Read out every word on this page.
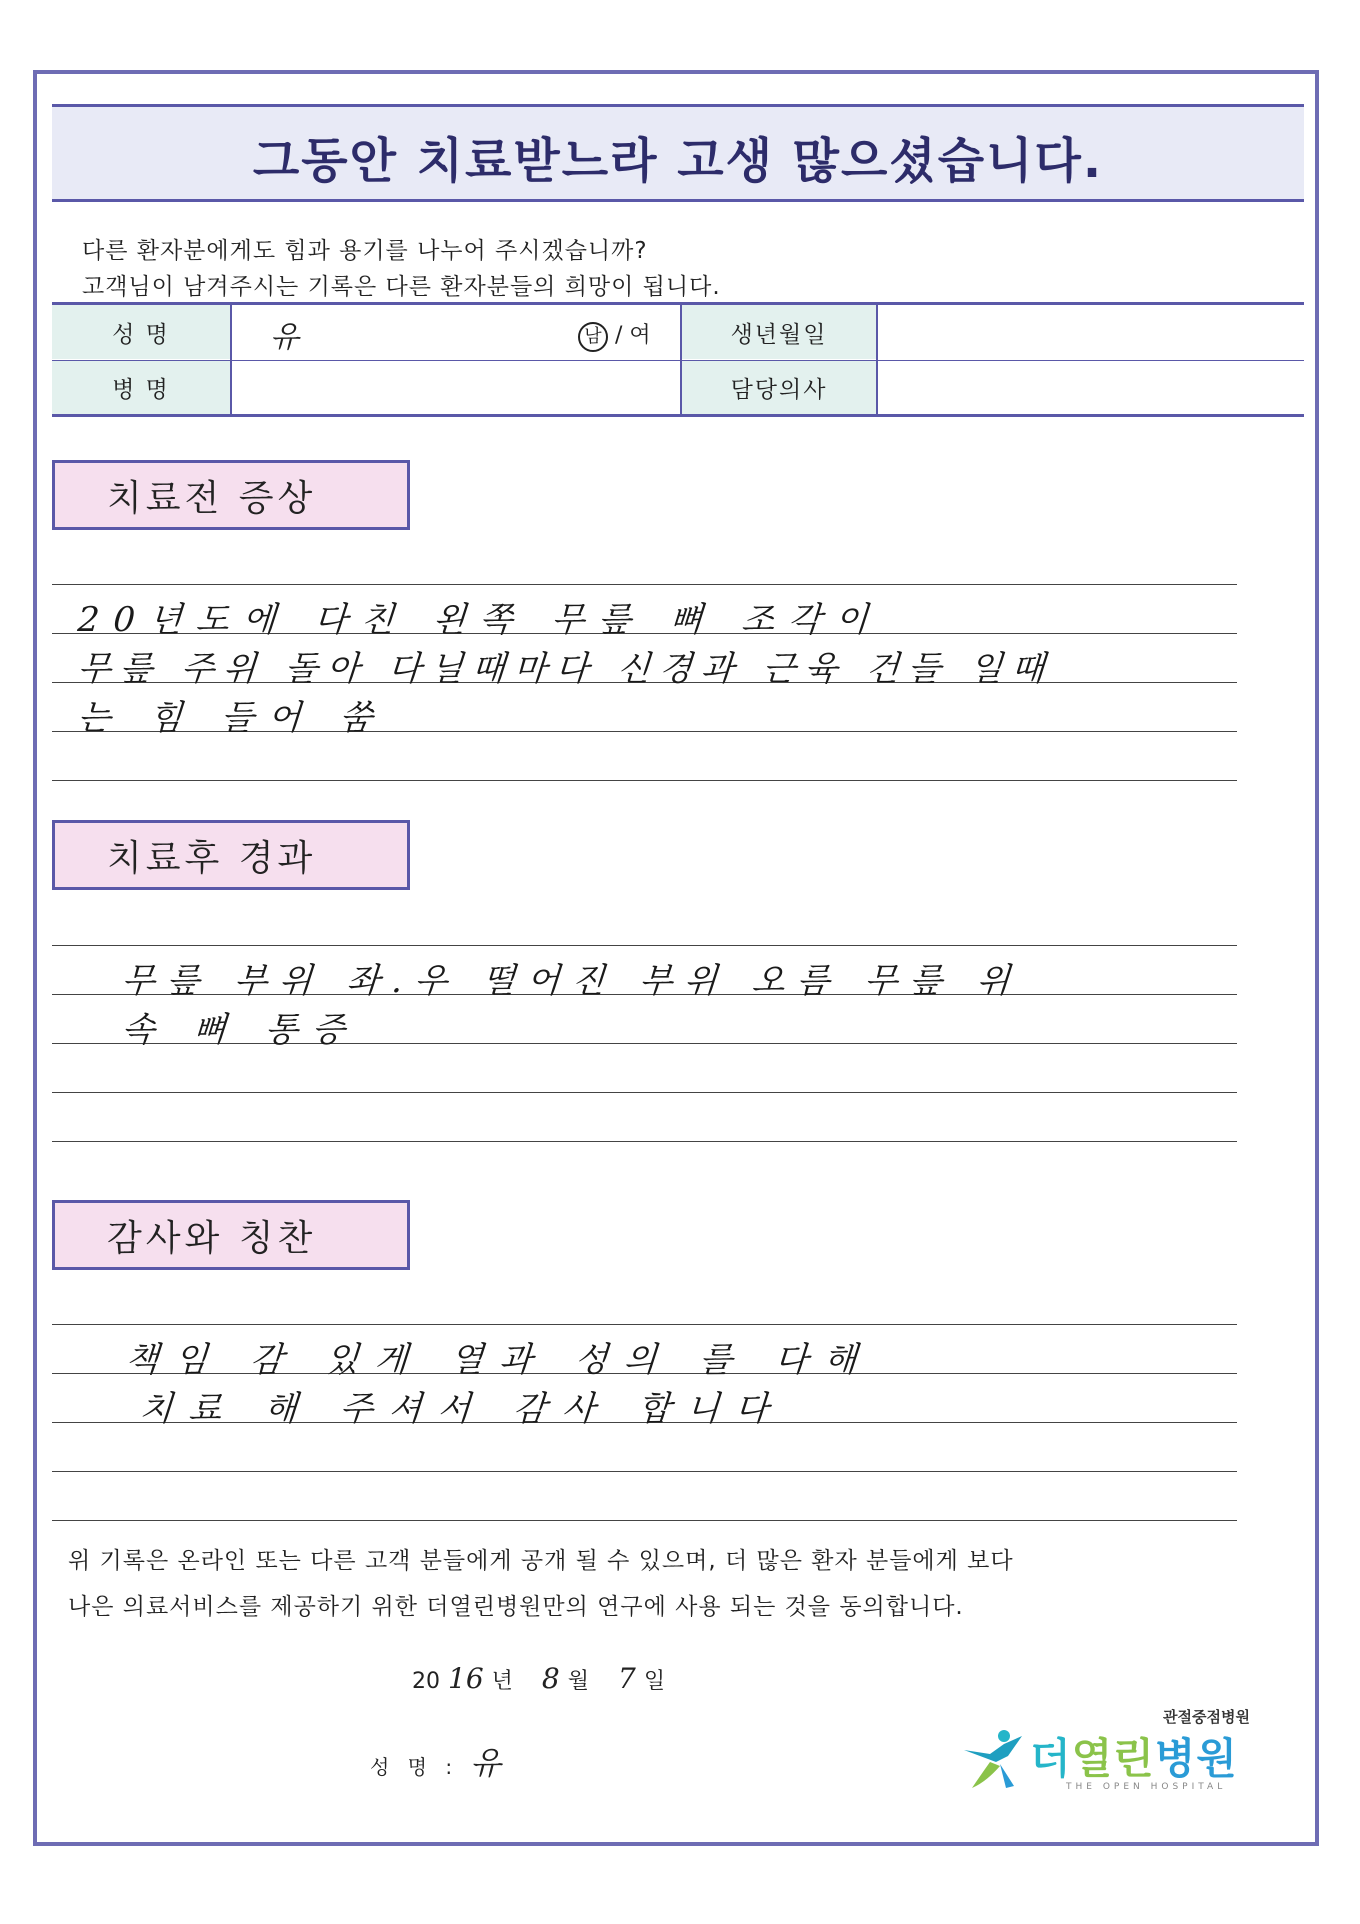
그동안 치료받느라 고생 많으셨습니다.
다른 환자분에게도 힘과 용기를 나누어 주시겠습니까?
고객님이 남겨주시는 기록은 다른 환자분들의 희망이 됩니다.
성 명
병 명
생년월일
담당의사
유	남 / 여
치료전 증상
20년도에 다친 왼쪽 무릎 뼈 조각이
무릎 주위 돌아 다닐때마다 신경과 근육 건들 일때
는 힘 들어 쑴
치료후 경과
무릎 부위 좌.우 떨어진 부위 오름 무릎 위
속 뼈 통증
감사와 칭찬
책임 감 있게 열과 성의 를 다해
치료 해 주셔서 감사 합니다
위 기록은 온라인 또는 다른 고객 분들에게 공개 될 수 있으며, 더 많은 환자 분들에게 보다
나은 의료서비스를 제공하기 위한 더열린병원만의 연구에 사용 되는 것을 동의합니다.
20 16 년 8 월 7 일
성 명 : 유
관절중점병원
더열린병원
THE OPEN HOSPITAL
